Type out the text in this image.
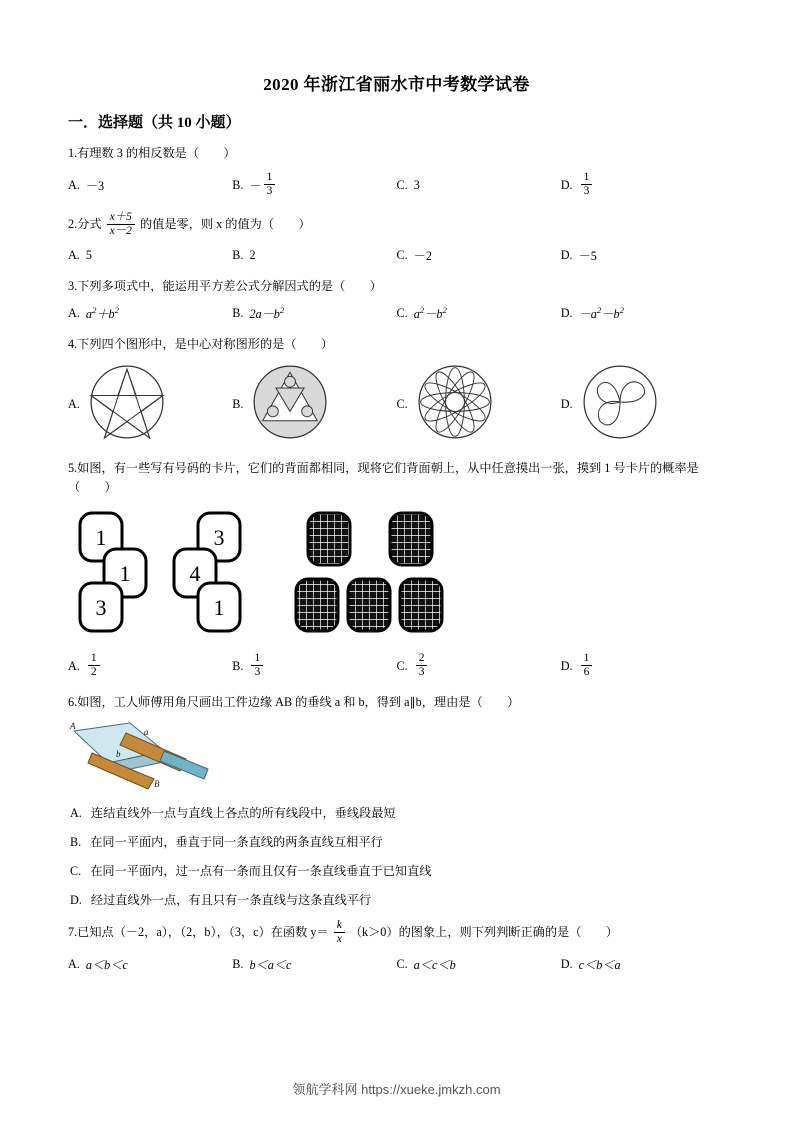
2020 年浙江省丽水市中考数学试卷
一．选择题（共 10 小题）
1.有理数 3 的相反数是（　　）
A. －3	B. － $\frac{1}{3}$	C. 3	D. $\frac{1}{3}$
2.分式 $\frac{x+5}{x-2}$ 的值是零，则 x 的值为（　　）
A. 5	B. 2	C. －2	D. －5
3.下列多项式中，能运用平方差公式分解因式的是（　　）
A. $a^2+b^2$	B. $2a-b^2$	C. $a^2-b^2$	D. $-a^2-b^2$
4.下列四个图形中，是中心对称图形的是（　　）
A.	B.	C.	D.
5.如图，有一些写有号码的卡片，它们的背面都相同，现将它们背面朝上，从中任意摸出一张，摸到 1 号卡片的概率是（　　）
1
1
3
3
4
1
A. $\frac{1}{2}$	B. $\frac{1}{3}$	C. $\frac{2}{3}$	D. $\frac{1}{6}$
6.如图，工人师傅用角尺画出工件边缘 AB 的垂线 a 和 b，得到 a∥b，理由是（　　）
A
a
b
B
A. 连结直线外一点与直线上各点的所有线段中，垂线段最短
B. 在同一平面内，垂直于同一条直线的两条直线互相平行
C. 在同一平面内，过一点有一条而且仅有一条直线垂直于已知直线
D. 经过直线外一点，有且只有一条直线与这条直线平行
7.已知点（－2，a），（2，b），（3，c）在函数 $y= \frac{k}{x} (k>0)$的图象上，则下列判断正确的是（　　）
A. a＜b＜c	B. b＜a＜c	C. a＜c＜b	D. c＜b＜a
领航学科网 https://xueke.jmkzh.com
